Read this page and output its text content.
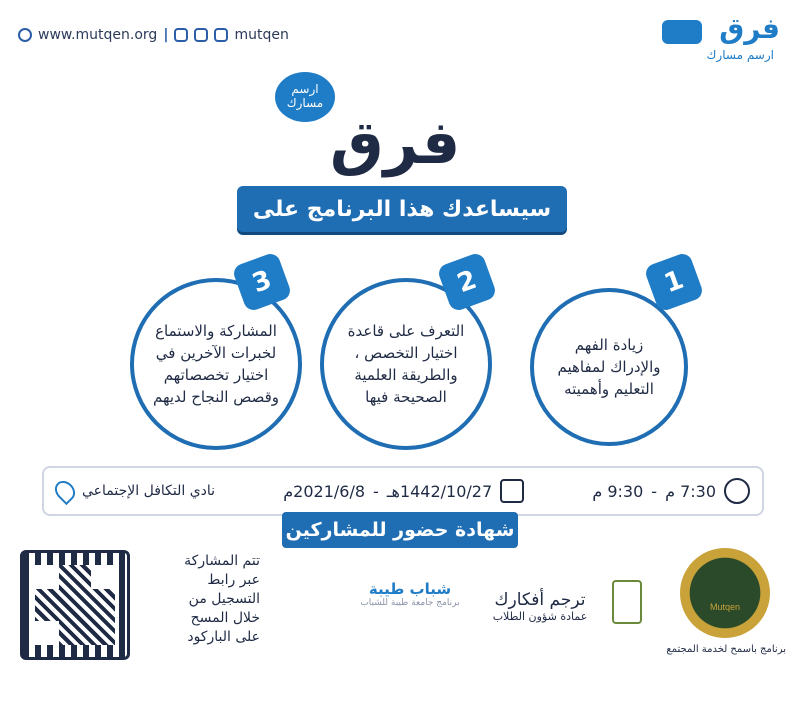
www.mutqen.org |	mutqen	فرق
ارسم مسارك
ارسم مسارك
فرق
سيساعدك هذا البرنامج على
زيادة الفهم والإدراك لمفاهيم التعليم وأهميته
1
التعرف على قاعدة اختيار التخصص ، والطريقة العلمية الصحيحة فيها
2
المشاركة والاستماع لخبرات الآخرين في اختيار تخصصاتهم وقصص النجاح لديهم
3
7:30 م
-
9:30 م
1442/10/27هـ
-
2021/6/8م
نادي التكافل الإجتماعي
شهادة حضور للمشاركين
تتم المشاركة
عبر رابط
التسجيل من
خلال المسح
على الباركود
شباب طيبة
برنامج جامعة طيبة للشباب	ترجم أفكارك
عمادة شؤون الطلاب
Mutqen
برنامج باسمح لخدمة المجتمع
